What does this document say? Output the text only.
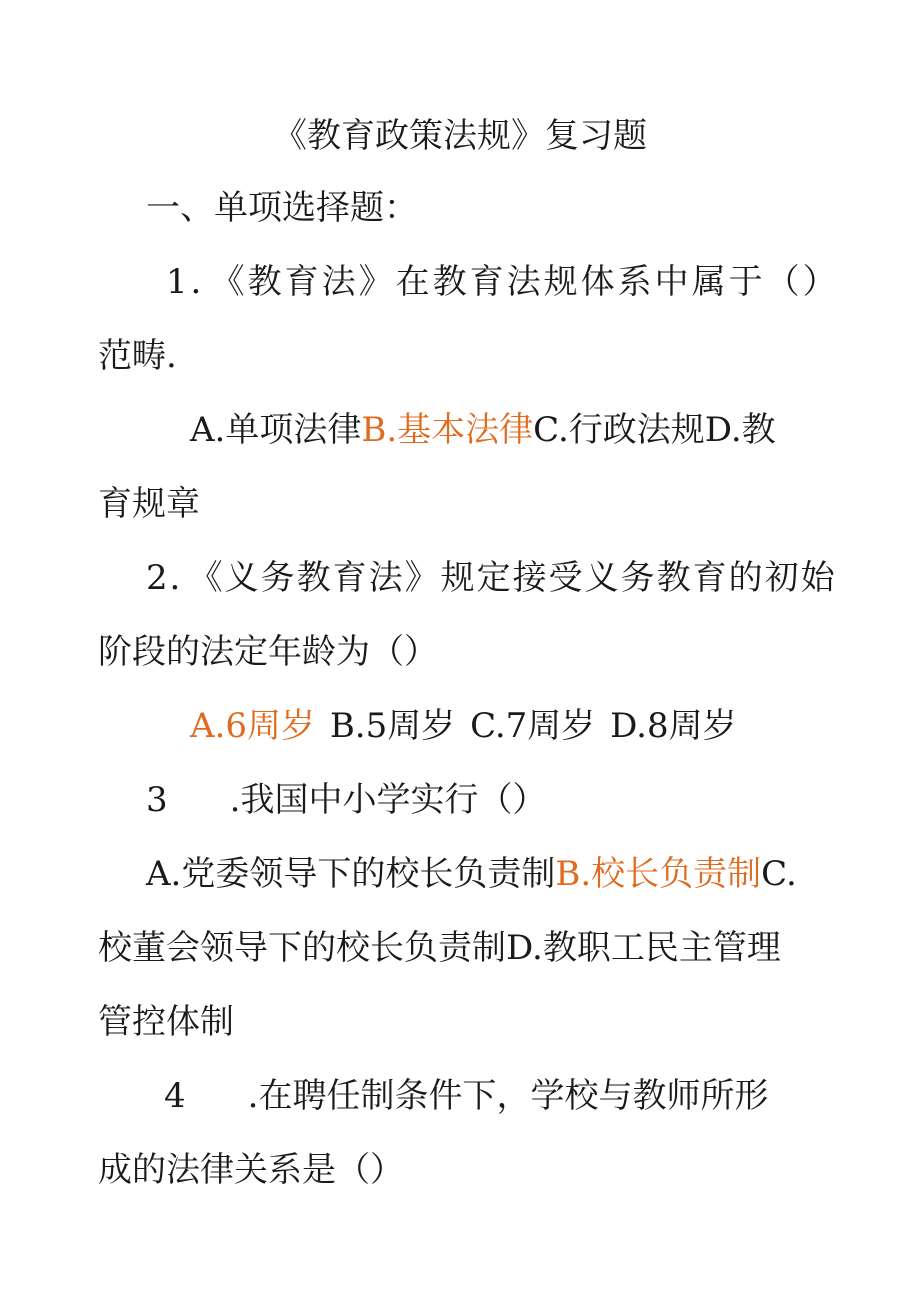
《教育政策法规》复习题
一、单项选择题：
1．《教育法》在教育法规体系中属于（）
范畴.
A.单项法律B.基本法律C.行政法规D.教
育规章
2．《义务教育法》规定接受义务教育的初始
阶段的法定年龄为（）
A.6周岁 B.5周岁 C.7周岁 D.8周岁
3 .我国中小学实行（）
A.党委领导下的校长负责制B.校长负责制C.
校董会领导下的校长负责制D.教职工民主管理
管控体制
4 .在聘任制条件下，学校与教师所形
成的法律关系是（）
